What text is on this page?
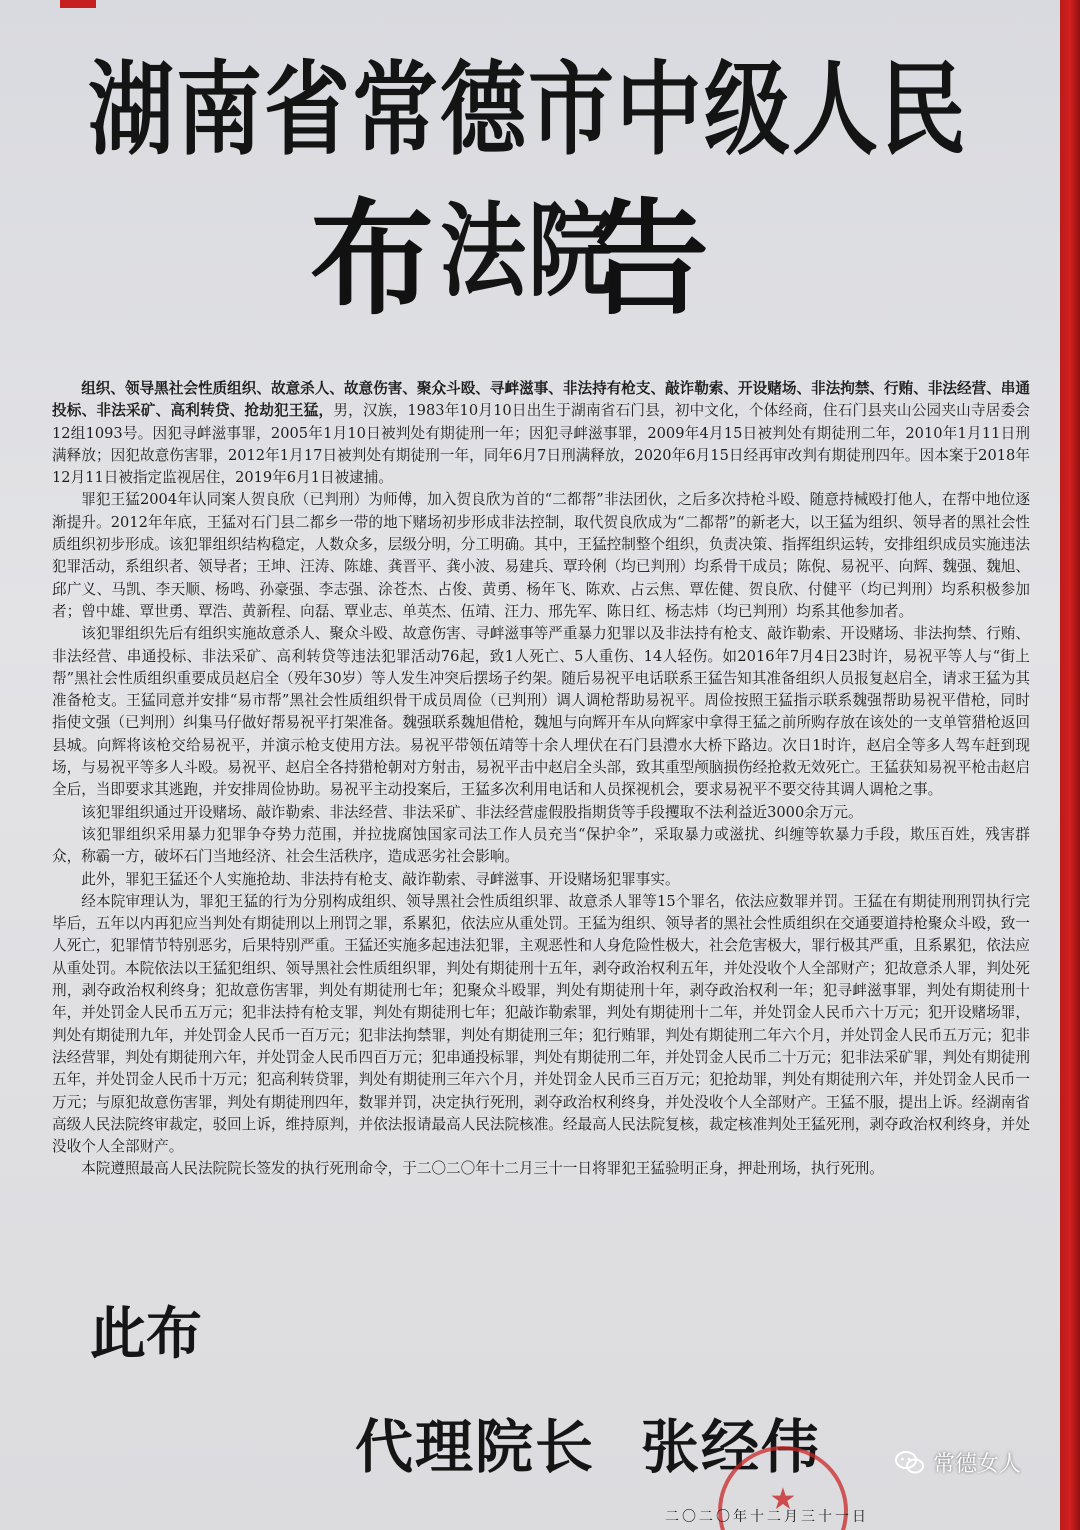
湖南省常德市中级人民法院
布 告

组织、领导黑社会性质组织、故意杀人、故意伤害、聚众斗殴、寻衅滋事、非法持有枪支、敲诈勒索、开设赌场、非法拘禁、行贿、非法经营、串通投标、非法采矿、高利转贷、抢劫犯王猛，男，汉族，1983年10月10日出生于湖南省石门县，初中文化，个体经商，住石门县夹山公园夹山寺居委会12组1093号。因犯寻衅滋事罪，2005年1月10日被判处有期徒刑一年；因犯寻衅滋事罪，2009年4月15日被判处有期徒刑二年，2010年1月11日刑满释放；因犯故意伤害罪，2012年1月17日被判处有期徒刑一年，同年6月7日刑满释放，2020年6月15日经再审改判有期徒刑四年。因本案于2018年12月11日被指定监视居住，2019年6月1日被逮捕。

罪犯王猛2004年认同案人贺良欣（已判刑）为师傅，加入贺良欣为首的“二都帮”非法团伙，之后多次持枪斗殴、随意持械殴打他人，在帮中地位逐渐提升。2012年年底，王猛对石门县二都乡一带的地下赌场初步形成非法控制，取代贺良欣成为“二都帮”的新老大，以王猛为组织、领导者的黑社会性质组织初步形成。该犯罪组织结构稳定，人数众多，层级分明，分工明确。其中，王猛控制整个组织，负责决策、指挥组织运转，安排组织成员实施违法犯罪活动，系组织者、领导者；王坤、汪涛、陈雄、龚晋平、龚小波、易建兵、覃玲俐（均已判刑）均系骨干成员；陈倪、易祝平、向辉、魏强、魏旭、邱广义、马凯、李天顺、杨鸣、孙豪强、李志强、涂苍杰、占俊、黄勇、杨年飞、陈欢、占云焦、覃佐健、贺良欣、付健平（均已判刑）均系积极参加者；曾中雄、覃世勇、覃浩、黄新程、向磊、覃业志、单英杰、伍靖、汪力、邢先军、陈日红、杨志炜（均已判刑）均系其他参加者。

该犯罪组织先后有组织实施故意杀人、聚众斗殴、故意伤害、寻衅滋事等严重暴力犯罪以及非法持有枪支、敲诈勒索、开设赌场、非法拘禁、行贿、非法经营、串通投标、非法采矿、高利转贷等违法犯罪活动76起，致1人死亡、5人重伤、14人轻伤。如2016年7月4日23时许，易祝平等人与“街上帮”黑社会性质组织重要成员赵启全（殁年30岁）等人发生冲突后摆场子约架。随后易祝平电话联系王猛告知其准备组织人员报复赵启全，请求王猛为其准备枪支。王猛同意并安排“易市帮”黑社会性质组织骨干成员周俭（已判刑）调人调枪帮助易祝平。周俭按照王猛指示联系魏强帮助易祝平借枪，同时指使文强（已判刑）纠集马仔做好帮易祝平打架准备。魏强联系魏旭借枪，魏旭与向辉开车从向辉家中拿得王猛之前所购存放在该处的一支单管猎枪返回县城。向辉将该枪交给易祝平，并演示枪支使用方法。易祝平带领伍靖等十余人埋伏在石门县澧水大桥下路边。次日1时许，赵启全等多人驾车赶到现场，与易祝平等多人斗殴。易祝平、赵启全各持猎枪朝对方射击，易祝平击中赵启全头部，致其重型颅脑损伤经抢救无效死亡。王猛获知易祝平枪击赵启全后，当即要求其逃跑，并安排周俭协助。易祝平主动投案后，王猛多次利用电话和人员探视机会，要求易祝平不要交待其调人调枪之事。

该犯罪组织通过开设赌场、敲诈勒索、非法经营、非法采矿、非法经营虚假股指期货等手段攫取不法利益近3000余万元。

该犯罪组织采用暴力犯罪争夺势力范围，并拉拢腐蚀国家司法工作人员充当“保护伞”，采取暴力或滋扰、纠缠等软暴力手段，欺压百姓，残害群众，称霸一方，破坏石门当地经济、社会生活秩序，造成恶劣社会影响。

此外，罪犯王猛还个人实施抢劫、非法持有枪支、敲诈勒索、寻衅滋事、开设赌场犯罪事实。

经本院审理认为，罪犯王猛的行为分别构成组织、领导黑社会性质组织罪、故意杀人罪等15个罪名，依法应数罪并罚。王猛在有期徒刑刑罚执行完毕后，五年以内再犯应当判处有期徒刑以上刑罚之罪，系累犯，依法应从重处罚。王猛为组织、领导者的黑社会性质组织在交通要道持枪聚众斗殴，致一人死亡，犯罪情节特别恶劣，后果特别严重。王猛还实施多起违法犯罪，主观恶性和人身危险性极大，社会危害极大，罪行极其严重，且系累犯，依法应从重处罚。本院依法以王猛犯组织、领导黑社会性质组织罪，判处有期徒刑十五年，剥夺政治权利五年，并处没收个人全部财产；犯故意杀人罪，判处死刑，剥夺政治权利终身；犯故意伤害罪，判处有期徒刑七年；犯聚众斗殴罪，判处有期徒刑十年，剥夺政治权利一年；犯寻衅滋事罪，判处有期徒刑十年，并处罚金人民币五万元；犯非法持有枪支罪，判处有期徒刑七年；犯敲诈勒索罪，判处有期徒刑十二年，并处罚金人民币六十万元；犯开设赌场罪，判处有期徒刑九年，并处罚金人民币一百万元；犯非法拘禁罪，判处有期徒刑三年；犯行贿罪，判处有期徒刑二年六个月，并处罚金人民币五万元；犯非法经营罪，判处有期徒刑六年，并处罚金人民币四百万元；犯串通投标罪，判处有期徒刑二年，并处罚金人民币二十万元；犯非法采矿罪，判处有期徒刑五年，并处罚金人民币十万元；犯高利转贷罪，判处有期徒刑三年六个月，并处罚金人民币三百万元；犯抢劫罪，判处有期徒刑六年，并处罚金人民币一万元；与原犯故意伤害罪，判处有期徒刑四年，数罪并罚，决定执行死刑，剥夺政治权利终身，并处没收个人全部财产。王猛不服，提出上诉。经湖南省高级人民法院终审裁定，驳回上诉，维持原判，并依法报请最高人民法院核准。经最高人民法院复核，裁定核准判处王猛死刑，剥夺政治权利终身，并处没收个人全部财产。

本院遵照最高人民法院院长签发的执行死刑命令，于二〇二〇年十二月三十一日将罪犯王猛验明正身，押赴刑场，执行死刑。

此布
代理院长 张经伟
★
二〇二〇年十二月三十一日
常德女人
